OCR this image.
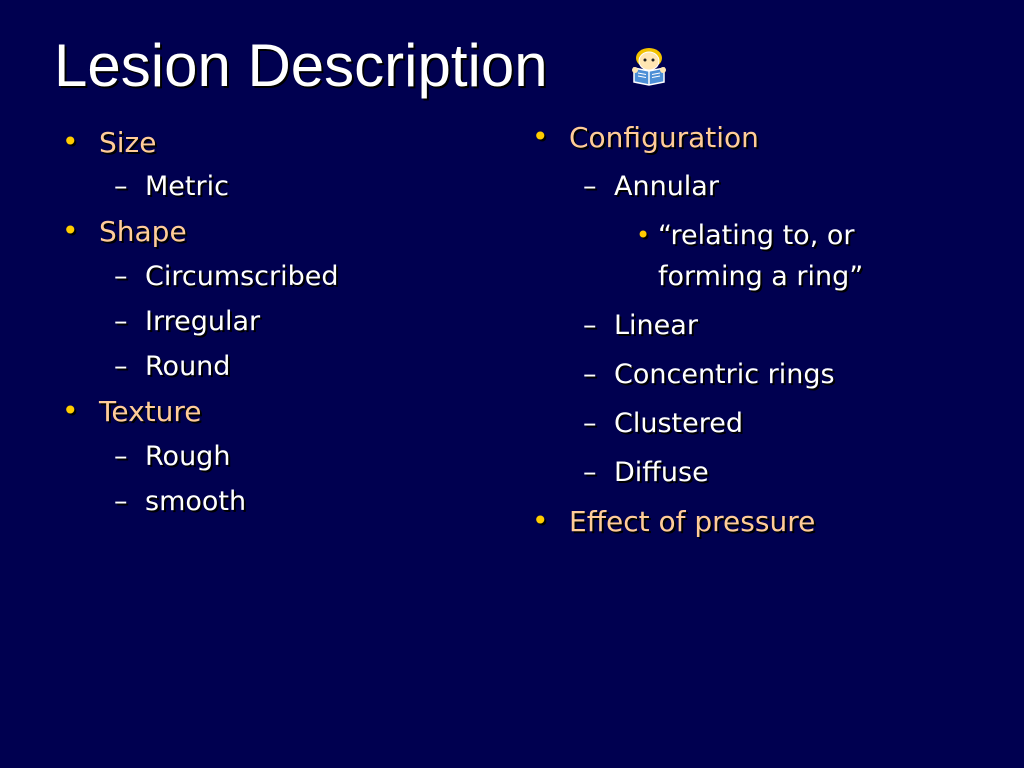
Lesion Description
• Size
– Metric
• Shape
– Circumscribed
– Irregular
– Round
• Texture
– Rough
– smooth
• Configuration
– Annular
• “relating to, or
forming a ring”
– Linear
– Concentric rings
– Clustered
– Diffuse
• Effect of pressure
